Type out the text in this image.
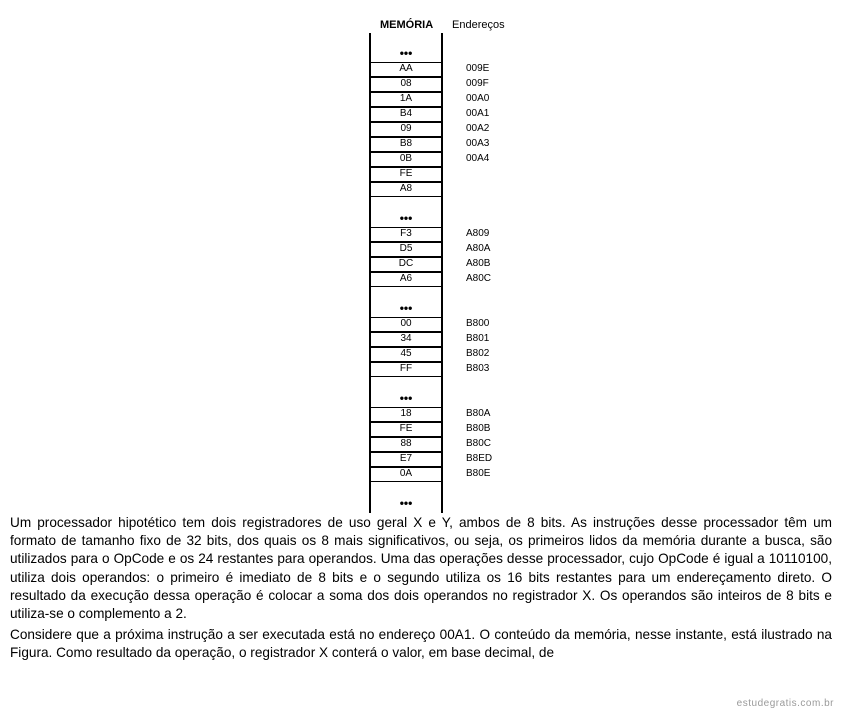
MEMÓRIA Endereços
•••
AA	009E
08	009F
1A	00A0
B4	00A1
09	00A2
B8	00A3
0B	00A4
FE
A8
•••
F3	A809
D5	A80A
DC	A80B
A6	A80C
•••
00	B800
34	B801
45	B802
FF	B803
•••
18	B80A
FE	B80B
88	B80C
E7	B8ED
0A	B80E
•••

Um processador hipotético tem dois registradores de uso geral X e Y, ambos de 8 bits. As instruções desse processador têm um formato de tamanho fixo de 32 bits, dos quais os 8 mais significativos, ou seja, os primeiros lidos da memória durante a busca, são utilizados para o OpCode e os 24 restantes para operandos. Uma das operações desse processador, cujo OpCode é igual a 10110100, utiliza dois operandos: o primeiro é imediato de 8 bits e o segundo utiliza os 16 bits restantes para um endereçamento direto. O resultado da execução dessa operação é colocar a soma dos dois operandos no registrador X. Os operandos são inteiros de 8 bits e utiliza-se o complemento a 2.

Considere que a próxima instrução a ser executada está no endereço 00A1. O conteúdo da memória, nesse instante, está ilustrado na Figura. Como resultado da operação, o registrador X conterá o valor, em base decimal, de

estudegratis.com.br
